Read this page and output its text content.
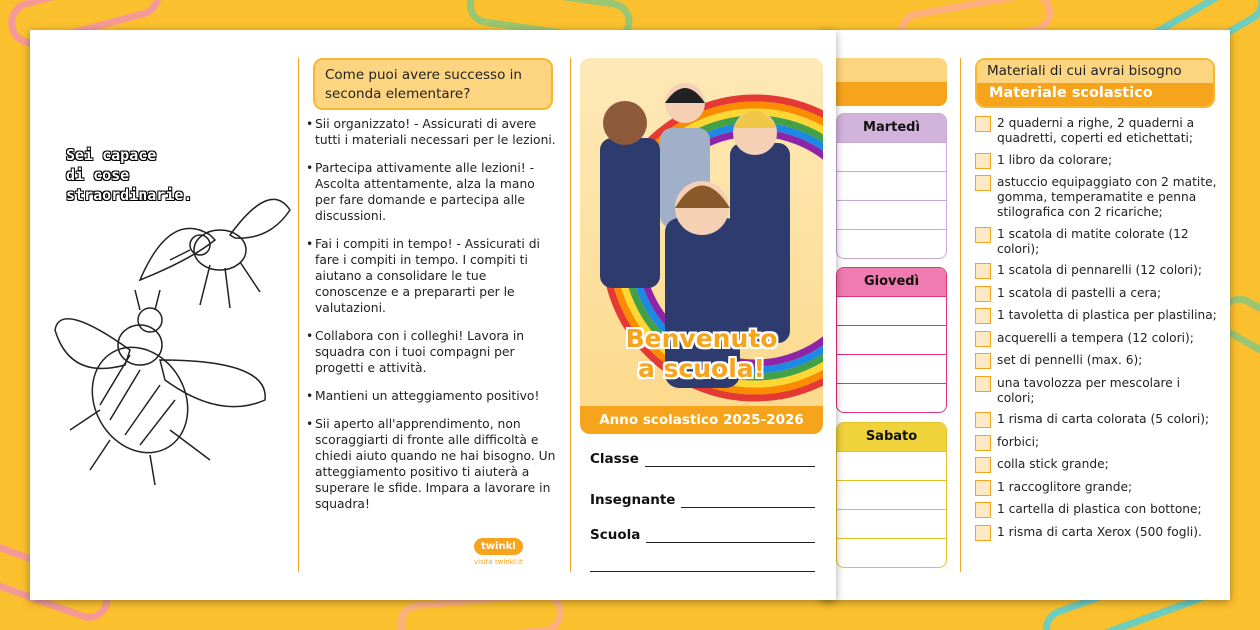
Martedì
Giovedì
Sabato
Materiali di cui avrai bisogno
Materiale scolastico
2 quaderni a righe, 2 quaderni a quadretti, coperti ed etichettati;
1 libro da colorare;
astuccio equipaggiato con 2 matite, gomma, temperamatite e penna stilografica con 2 ricariche;
1 scatola di matite colorate (12 colori);
1 scatola di pennarelli (12 colori);
1 scatola di pastelli a cera;
1 tavoletta di plastica per plastilina;
acquerelli a tempera (12 colori);
set di pennelli (max. 6);
una tavolozza per mescolare i colori;
1 risma di carta colorata (5 colori);
forbici;
colla stick grande;
1 raccoglitore grande;
1 cartella di plastica con bottone;
1 risma di carta Xerox (500 fogli).
Sei capace
di cose
straordinarie.
Come puoi avere successo in seconda elementare?
• Sii organizzato! - Assicurati di avere tutti i materiali necessari per le lezioni.
• Partecipa attivamente alle lezioni! - Ascolta attentamente, alza la mano per fare domande e partecipa alle discussioni.
• Fai i compiti in tempo! - Assicurati di fare i compiti in tempo. I compiti ti aiutano a consolidare le tue conoscenze e a prepararti per le valutazioni.
• Collabora con i colleghi! Lavora in squadra con i tuoi compagni per progetti e attività.
• Mantieni un atteggiamento positivo!
• Sii aperto all'apprendimento, non scoraggiarti di fronte alle difficoltà e chiedi aiuto quando ne hai bisogno. Un atteggiamento positivo ti aiuterà a superare le sfide. Impara a lavorare in squadra!
twinkl
visita twinkl.it
Benvenuto
a scuola!
Anno scolastico 2025-2026
Classe
Insegnante
Scuola
